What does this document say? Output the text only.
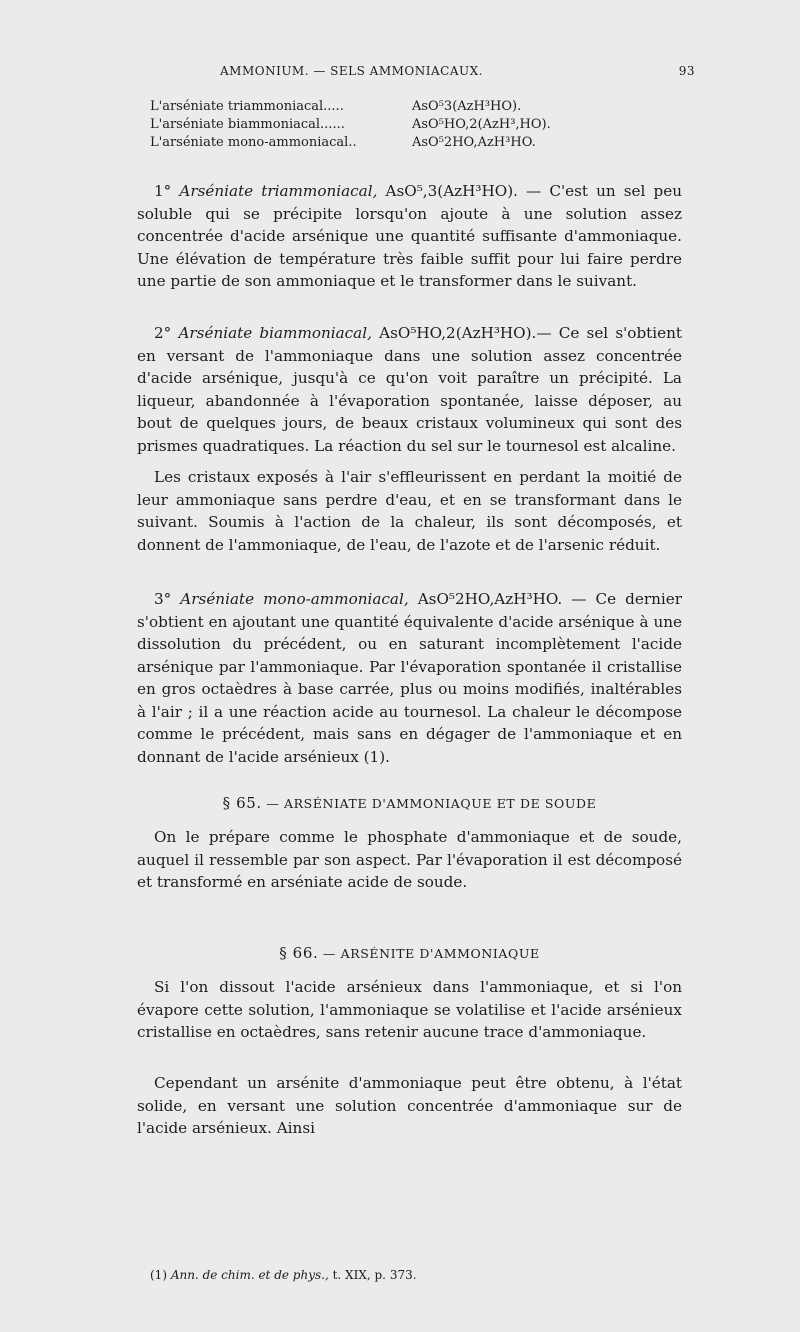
AMMONIUM. — SELS AMMONIACAUX.	93
L'arséniate triammoniacal.....	AsO⁵3(AzH³HO).
L'arséniate biammoniacal......	AsO⁵HO,2(AzH³,HO).
L'arséniate mono-ammoniacal..	AsO⁵2HO,AzH³HO.
1° Arséniate triammoniacal, AsO⁵,3(AzH³HO). — C'est un sel peu soluble qui se précipite lorsqu'on ajoute à une solution assez concentrée d'acide arsénique une quantité suffisante d'ammoniaque. Une élévation de température très faible suffit pour lui faire perdre une partie de son ammoniaque et le transformer dans le suivant.
2° Arséniate biammoniacal, AsO⁵HO,2(AzH³HO).— Ce sel s'obtient en versant de l'ammoniaque dans une solution assez concentrée d'acide arsénique, jusqu'à ce qu'on voit paraître un précipité. La liqueur, abandonnée à l'évaporation spontanée, laisse déposer, au bout de quelques jours, de beaux cristaux volumineux qui sont des prismes quadratiques. La réaction du sel sur le tournesol est alcaline.
Les cristaux exposés à l'air s'effleurissent en perdant la moitié de leur ammoniaque sans perdre d'eau, et en se transformant dans le suivant. Soumis à l'action de la chaleur, ils sont décomposés, et donnent de l'ammoniaque, de l'eau, de l'azote et de l'arsenic réduit.
3° Arséniate mono-ammoniacal, AsO⁵2HO,AzH³HO. — Ce dernier s'obtient en ajoutant une quantité équivalente d'acide arsénique à une dissolution du précédent, ou en saturant incomplètement l'acide arsénique par l'ammoniaque. Par l'évaporation spontanée il cristallise en gros octaèdres à base carrée, plus ou moins modifiés, inaltérables à l'air ; il a une réaction acide au tournesol. La chaleur le décompose comme le précédent, mais sans en dégager de l'ammoniaque et en donnant de l'acide arsénieux (1).
§ 65. — ARSÉNIATE D'AMMONIAQUE ET DE SOUDE
On le prépare comme le phosphate d'ammoniaque et de soude, auquel il ressemble par son aspect. Par l'évaporation il est décomposé et transformé en arséniate acide de soude.
§ 66. — ARSÉNITE D'AMMONIAQUE
Si l'on dissout l'acide arsénieux dans l'ammoniaque, et si l'on évapore cette solution, l'ammoniaque se volatilise et l'acide arsénieux cristallise en octaèdres, sans retenir aucune trace d'ammoniaque.
Cependant un arsénite d'ammoniaque peut être obtenu, à l'état solide, en versant une solution concentrée d'ammoniaque sur de l'acide arsénieux. Ainsi
(1) Ann. de chim. et de phys., t. XIX, p. 373.
